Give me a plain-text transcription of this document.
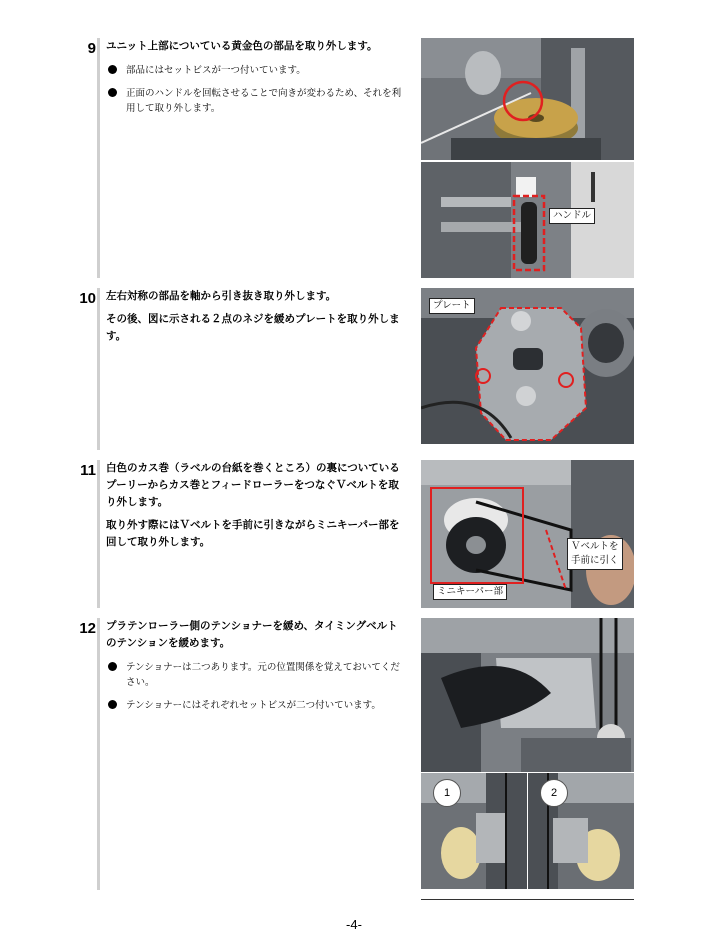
9 ユニット上部についている黄金色の部品を取り外します。

部品にはセットビスが一つ付いています。
正面のハンドルを回転させることで向きが変わるため、それを利用して取り外します。
ハンドル
10 左右対称の部品を軸から引き抜き取り外します。

その後、図に示される２点のネジを緩めプレートを取り外します。

プレート
11 白色のカス巻（ラベルの台紙を巻くところ）の裏についているプーリーからカス巻とフィードローラーをつなぐＶベルトを取り外します。

取り外す際にはＶベルトを手前に引きながらミニキーパー部を回して取り外します。	Ｖベルトを
手前に引く
ミニキーパー部
12 プラテンローラー側のテンショナーを緩め、タイミングベルトのテンションを緩めます。

テンショナーは二つあります。元の位置関係を覚えておいてください。
テンショナーにはそれぞれセットビスが二つ付いています。
1	2
-4-
